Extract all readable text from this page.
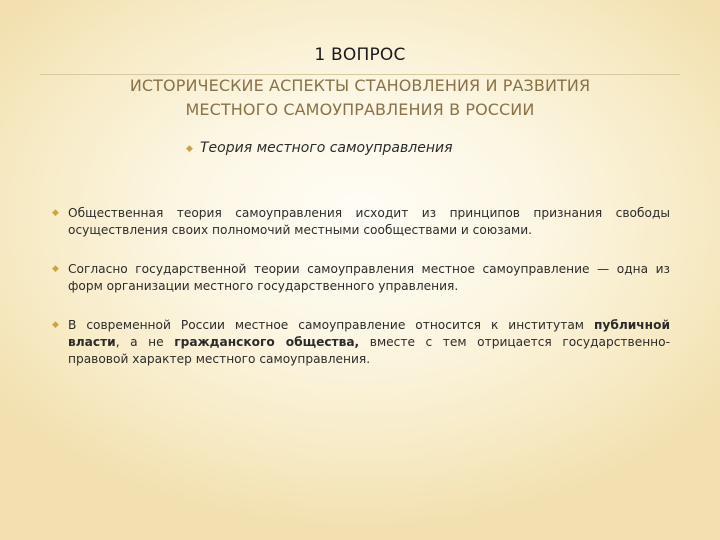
1 ВОПРОС
ИСТОРИЧЕСКИЕ АСПЕКТЫ СТАНОВЛЕНИЯ И РАЗВИТИЯ
МЕСТНОГО САМОУПРАВЛЕНИЯ В РОССИИ
◆ Теория местного самоуправления
◆ Общественная теория самоуправления исходит из принципов признания свободы осуществления своих полномочий местными сообществами и союзами.
◆ Согласно государственной теории самоуправления местное самоуправление — одна из форм организации местного государственного управления.
◆ В современной России местное самоуправление относится к институтам публичной власти, а не гражданского общества, вместе с тем отрицается государственно-правовой характер местного самоуправления.
